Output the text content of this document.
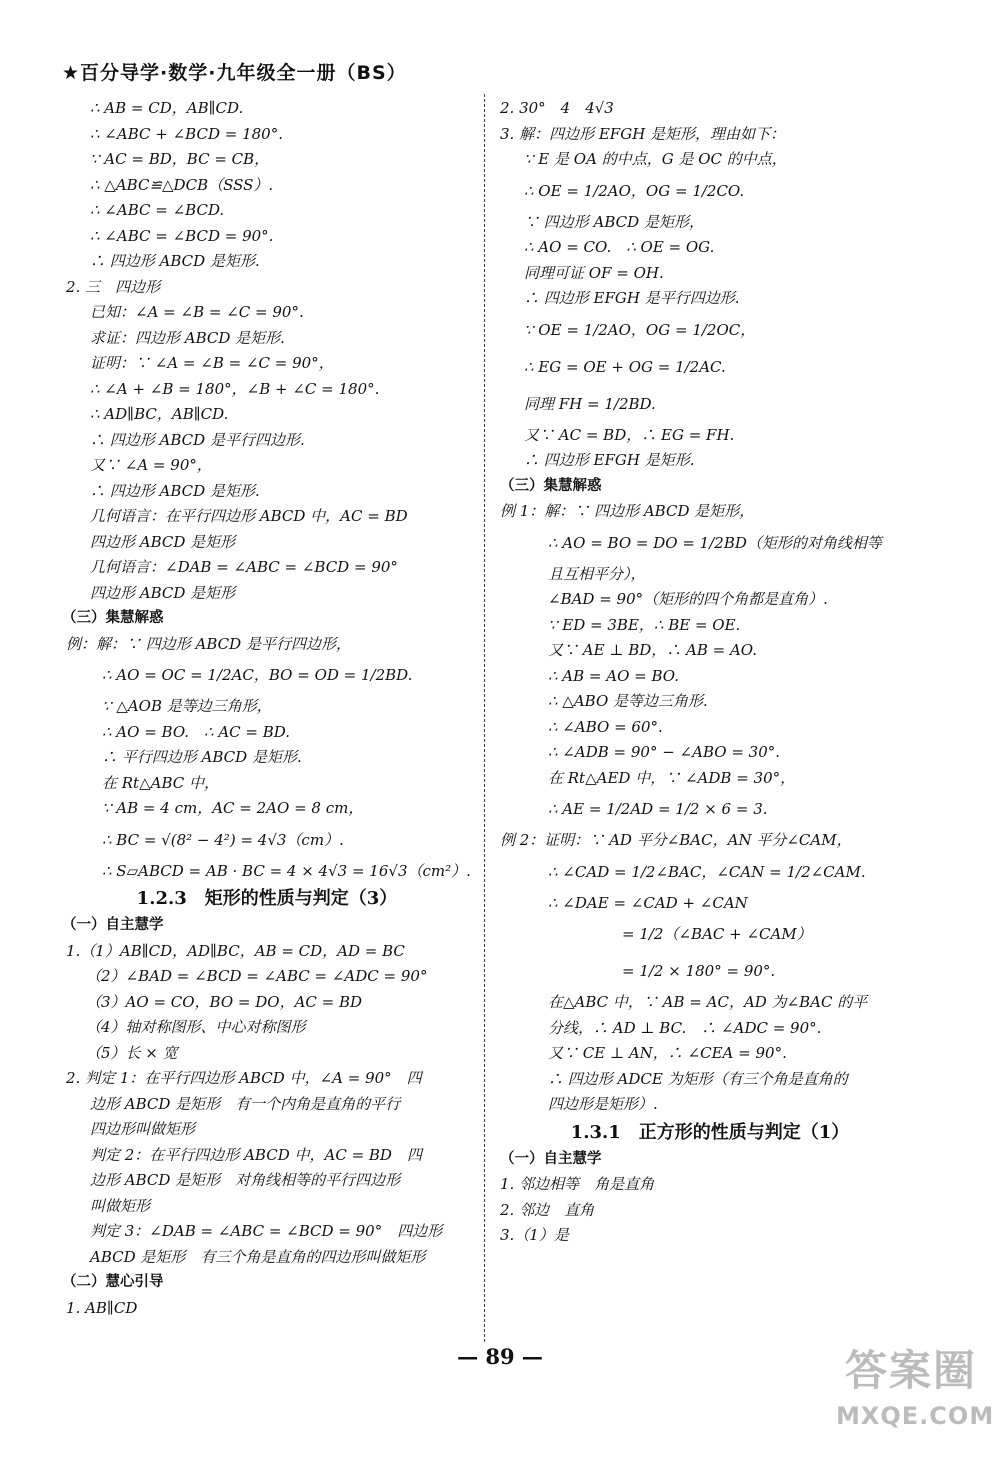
★百分导学·数学·九年级全一册（BS）
∴ AB = CD，AB∥CD.
∴ ∠ABC + ∠BCD = 180°.
∵ AC = BD，BC = CB，
∴ △ABC≌△DCB（SSS）.
∴ ∠ABC = ∠BCD.
∴ ∠ABC = ∠BCD = 90°.
∴ 四边形 ABCD 是矩形.
2. 三　四边形
已知：∠A = ∠B = ∠C = 90°.
求证：四边形 ABCD 是矩形.
证明：∵ ∠A = ∠B = ∠C = 90°，
∴ ∠A + ∠B = 180°，∠B + ∠C = 180°.
∴ AD∥BC，AB∥CD.
∴ 四边形 ABCD 是平行四边形.
又∵ ∠A = 90°，
∴ 四边形 ABCD 是矩形.
几何语言：在平行四边形 ABCD 中，AC = BD
四边形 ABCD 是矩形
几何语言：∠DAB = ∠ABC = ∠BCD = 90°
四边形 ABCD 是矩形
（三）集慧解惑
例：解：∵ 四边形 ABCD 是平行四边形，
∴ AO = OC = 1/2AC，BO = OD = 1/2BD.
∵ △AOB 是等边三角形，
∴ AO = BO.　∴ AC = BD.
∴ 平行四边形 ABCD 是矩形.
在 Rt△ABC 中，
∵ AB = 4 cm，AC = 2AO = 8 cm，
∴ BC = √(8² − 4²) = 4√3（cm）.
∴ S▱ABCD = AB · BC = 4 × 4√3 = 16√3（cm²）.
1.2.3　矩形的性质与判定（3）
（一）自主慧学
1.（1）AB∥CD，AD∥BC，AB = CD，AD = BC
（2）∠BAD = ∠BCD = ∠ABC = ∠ADC = 90°
（3）AO = CO，BO = DO，AC = BD
（4）轴对称图形、中心对称图形
（5）长 × 宽
2. 判定 1：在平行四边形 ABCD 中，∠A = 90°　四
边形 ABCD 是矩形　有一个内角是直角的平行
四边形叫做矩形
判定 2：在平行四边形 ABCD 中，AC = BD　四
边形 ABCD 是矩形　对角线相等的平行四边形
叫做矩形
判定 3：∠DAB = ∠ABC = ∠BCD = 90°　四边形
ABCD 是矩形　有三个角是直角的四边形叫做矩形
（二）慧心引导
1. AB∥CD
2. 30°　4　4√3
3. 解：四边形 EFGH 是矩形，理由如下：
∵ E 是 OA 的中点，G 是 OC 的中点，
∴ OE = 1/2AO，OG = 1/2CO.
∵ 四边形 ABCD 是矩形，
∴ AO = CO.　∴ OE = OG.
同理可证 OF = OH.
∴ 四边形 EFGH 是平行四边形.
∵ OE = 1/2AO，OG = 1/2OC，
∴ EG = OE + OG = 1/2AC.
同理 FH = 1/2BD.
又∵ AC = BD，∴ EG = FH.
∴ 四边形 EFGH 是矩形.
（三）集慧解惑
例 1：解：∵ 四边形 ABCD 是矩形，
∴ AO = BO = DO = 1/2BD（矩形的对角线相等
且互相平分），
∠BAD = 90°（矩形的四个角都是直角）.
∵ ED = 3BE，∴ BE = OE.
又∵ AE ⊥ BD，∴ AB = AO.
∴ AB = AO = BO.
∴ △ABO 是等边三角形.
∴ ∠ABO = 60°.
∴ ∠ADB = 90° − ∠ABO = 30°.
在 Rt△AED 中，∵ ∠ADB = 30°，
∴ AE = 1/2AD = 1/2 × 6 = 3.
例 2：证明：∵ AD 平分∠BAC，AN 平分∠CAM，
∴ ∠CAD = 1/2∠BAC，∠CAN = 1/2∠CAM.
∴ ∠DAE = ∠CAD + ∠CAN
= 1/2（∠BAC + ∠CAM）
= 1/2 × 180° = 90°.
在△ABC 中，∵ AB = AC，AD 为∠BAC 的平
分线，∴ AD ⊥ BC.　∴ ∠ADC = 90°.
又∵ CE ⊥ AN，∴ ∠CEA = 90°.
∴ 四边形 ADCE 为矩形（有三个角是直角的
四边形是矩形）.
1.3.1　正方形的性质与判定（1）
（一）自主慧学
1. 邻边相等　角是直角
2. 邻边　直角
3.（1）是
— 89 —	答案圈
MXQE.COM
